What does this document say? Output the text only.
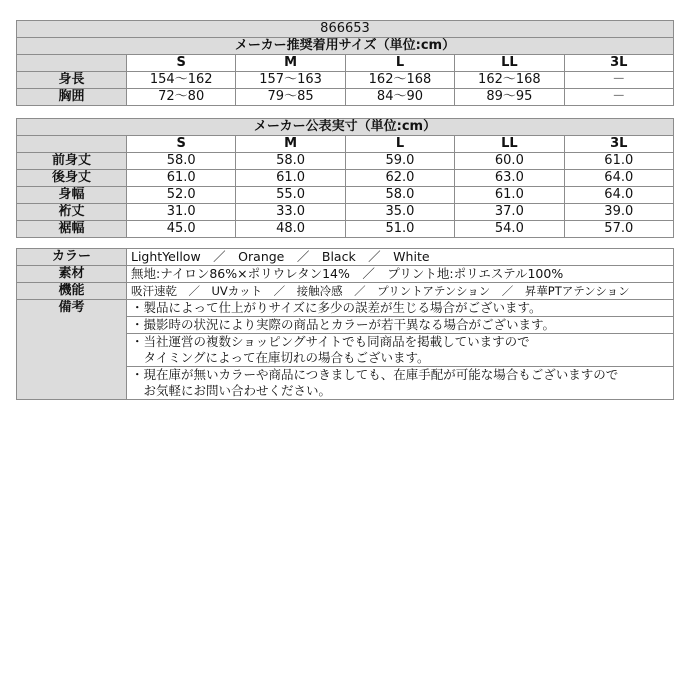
866653					
メーカー推奨着用サイズ（単位:cm）					
	S	M	L	LL	3L
身長	154～162	157～163	162～168	162～168	－
胸囲	72～80	79～85	84～90	89～95	－
メーカー公表実寸（単位:cm）					
	S	M	L	LL	3L
前身丈	58.0	58.0	59.0	60.0	61.0
後身丈	61.0	61.0	62.0	63.0	64.0
身幅	52.0	55.0	58.0	61.0	64.0
裄丈	31.0	33.0	35.0	37.0	39.0
裾幅	45.0	48.0	51.0	54.0	57.0
カラー	LightYellow　／　Orange　／　Black　／　White
素材	無地:ナイロン86%×ポリウレタン14%　／　プリント地:ポリエステル100%
機能	吸汗速乾　／　UVカット　／　接触冷感　／　プリントアテンション　／　昇華PTアテンション
備考	・製品によって仕上がりサイズに多少の誤差が生じる場合がございます。

	・撮影時の状況により実際の商品とカラーが若干異なる場合がございます。

	・当社運営の複数ショッピングサイトでも同商品を掲載していますので
　タイミングによって在庫切れの場合もございます。

	・現在庫が無いカラーや商品につきましても、在庫手配が可能な場合もございますので
　お気軽にお問い合わせください。
